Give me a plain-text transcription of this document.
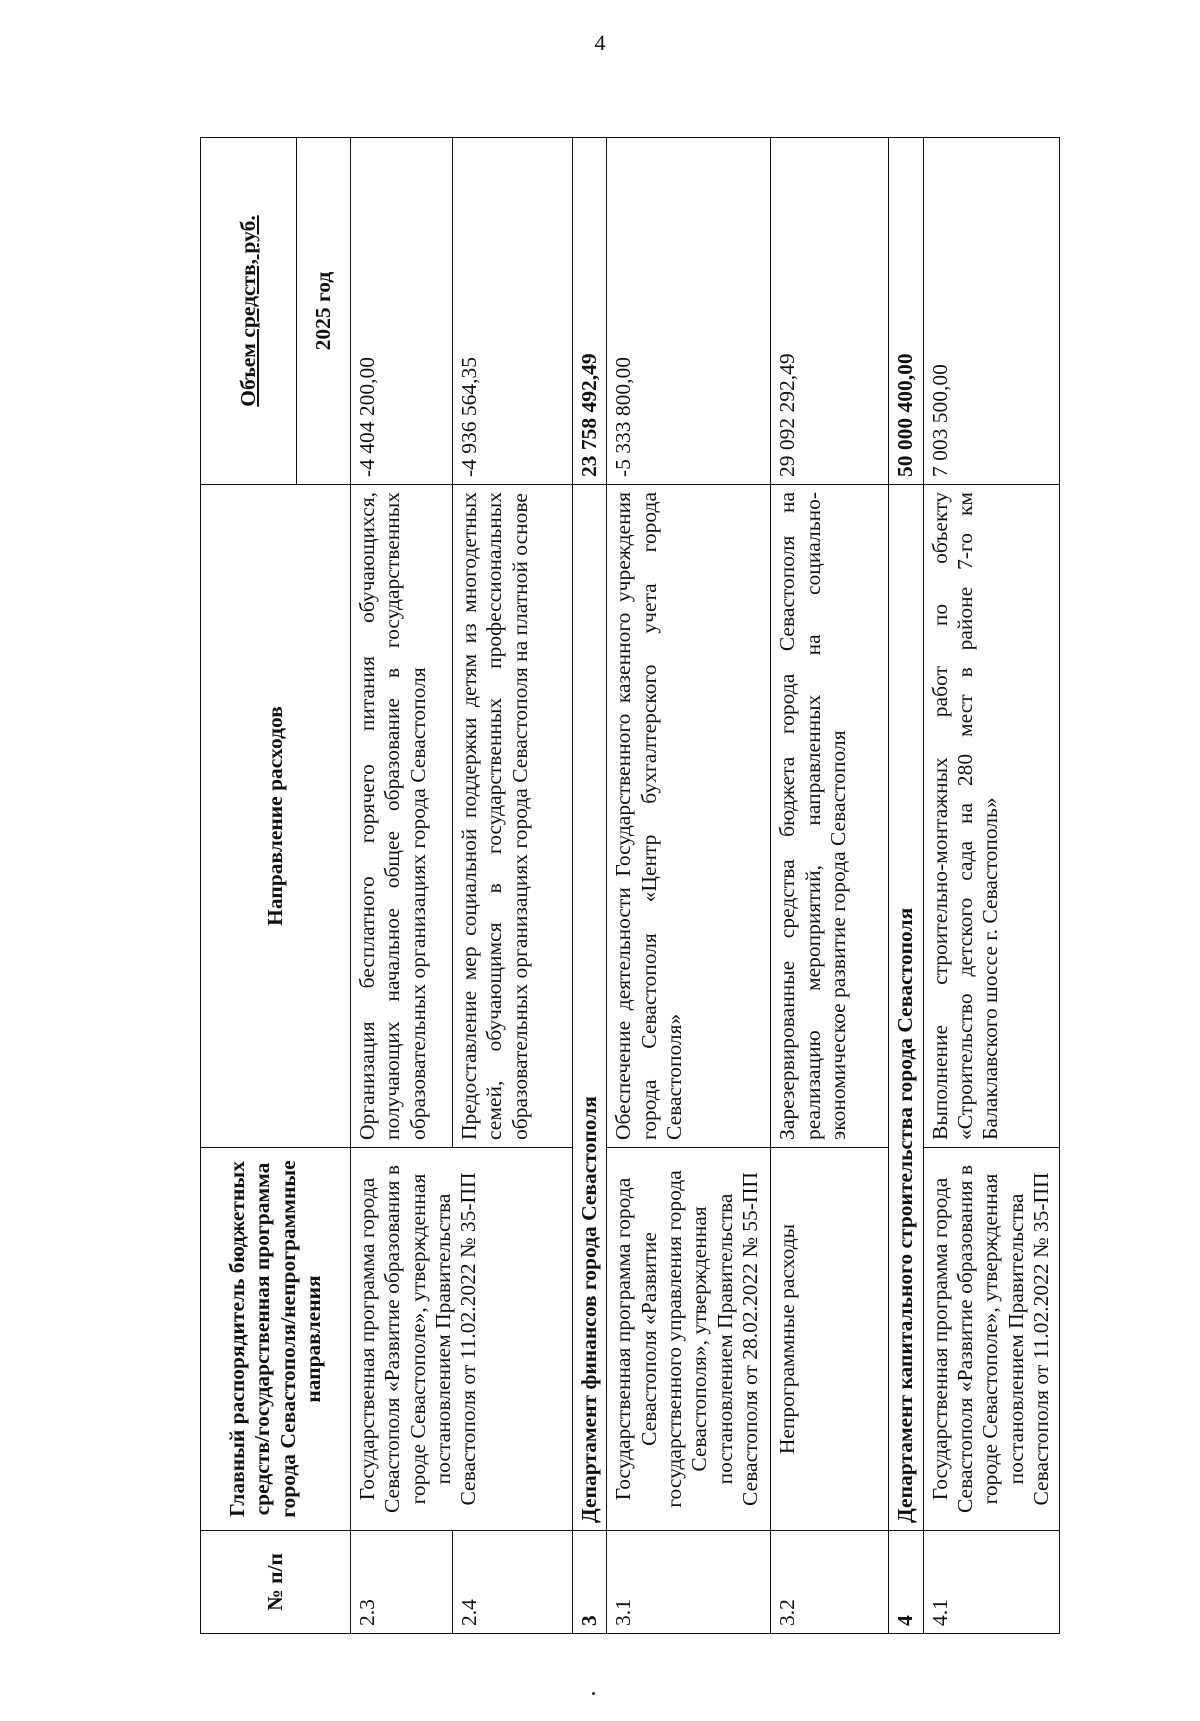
4
№ п/п	Главный распорядитель бюджетных средств/государственная программа города Севастополя/непрограммные направления	Направление расходов	Объем средств, руб.
			2025 год
2.3	Государственная программа города Севастополя «Развитие образования в городе Севастополе», утвержденная постановлением Правительства Севастополя от 11.02.2022 № 35-ПП	Организация бесплатного горячего питания обучающихся, получающих начальное общее образование в государственных образовательных организациях города Севастополя	-4 404 200,00
2.4		Предоставление мер социальной поддержки детям из многодетных семей, обучающимся в государственных профессиональных образовательных организациях города Севастополя на платной основе	-4 936 564,35
3	Департамент финансов города Севастополя		23 758 492,49
3.1	Государственная программа города Севастополя «Развитие государственного управления города Севастополя», утвержденная постановлением Правительства Севастополя от 28.02.2022 № 55-ПП	Обеспечение деятельности Государственного казенного учреждения города Севастополя «Центр бухгалтерского учета города Севастополя»	-5 333 800,00
3.2	Непрограммные расходы	Зарезервированные средства бюджета города Севастополя на реализацию мероприятий, направленных на социально-экономическое развитие города Севастополя	29 092 292,49
4	Департамент капитального строительства города Севастополя		50 000 400,00
4.1	Государственная программа города Севастополя «Развитие образования в городе Севастополе», утвержденная постановлением Правительства Севастополя от 11.02.2022 № 35-ПП	Выполнение строительно-монтажных работ по объекту «Строительство детского сада на 280 мест в районе 7-го км Балаклавского шоссе г. Севастополь»	7 003 500,00
